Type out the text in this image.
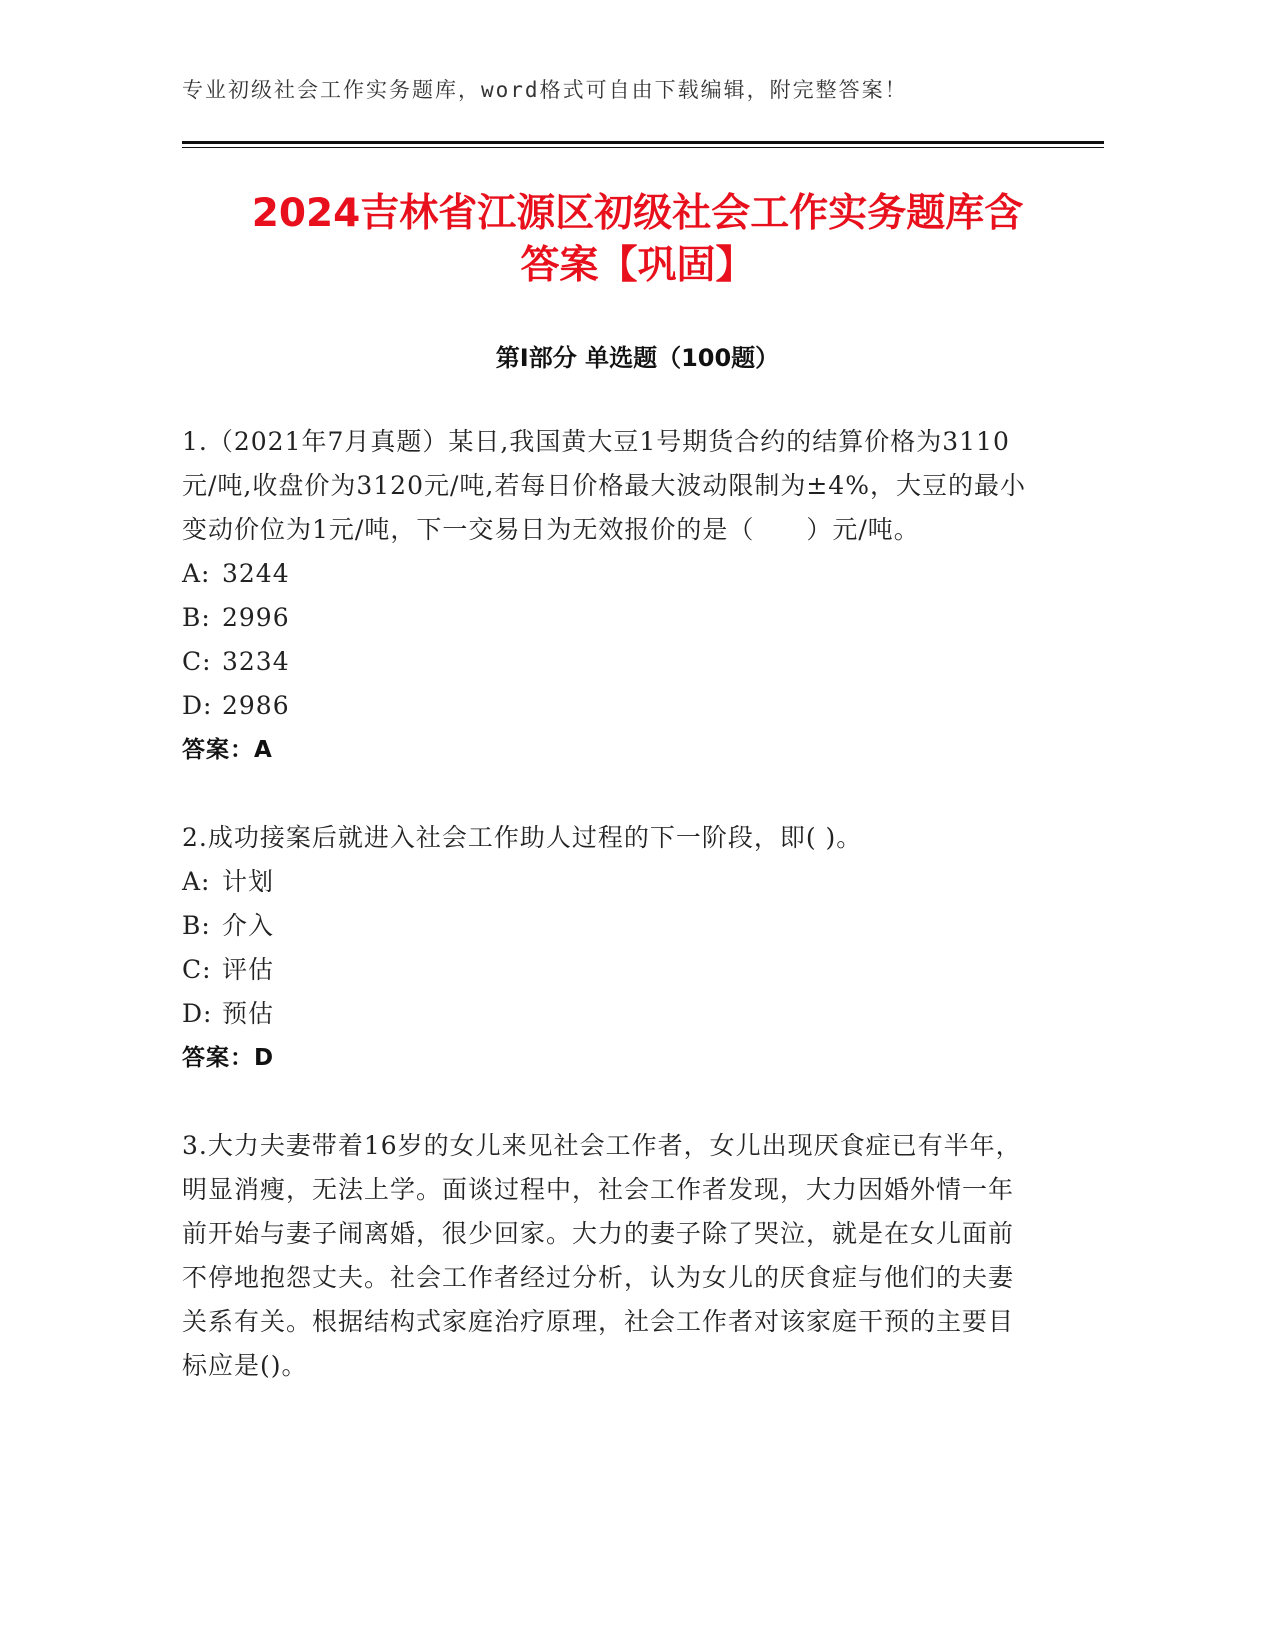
专业初级社会工作实务题库，word格式可自由下载编辑，附完整答案！
2024吉林省江源区初级社会工作实务题库含
答案【巩固】
第Ⅰ部分 单选题（100题）

1.（2021年7月真题）某日,我国黄大豆1号期货合约的结算价格为3110元/吨,收盘价为3120元/吨,若每日价格最大波动限制为±4%，大豆的最小变动价位为1元/吨，下一交易日为无效报价的是（　　）元/吨。

A: 3244
B: 2996
C: 3234
D: 2986

答案：A

2.成功接案后就进入社会工作助人过程的下一阶段，即( )。

A: 计划
B: 介入
C: 评估
D: 预估

答案：D

3.大力夫妻带着16岁的女儿来见社会工作者，女儿出现厌食症已有半年，明显消瘦，无法上学。面谈过程中，社会工作者发现，大力因婚外情一年前开始与妻子闹离婚，很少回家。大力的妻子除了哭泣，就是在女儿面前不停地抱怨丈夫。社会工作者经过分析，认为女儿的厌食症与他们的夫妻关系有关。根据结构式家庭治疗原理，社会工作者对该家庭干预的主要目标应是()。
